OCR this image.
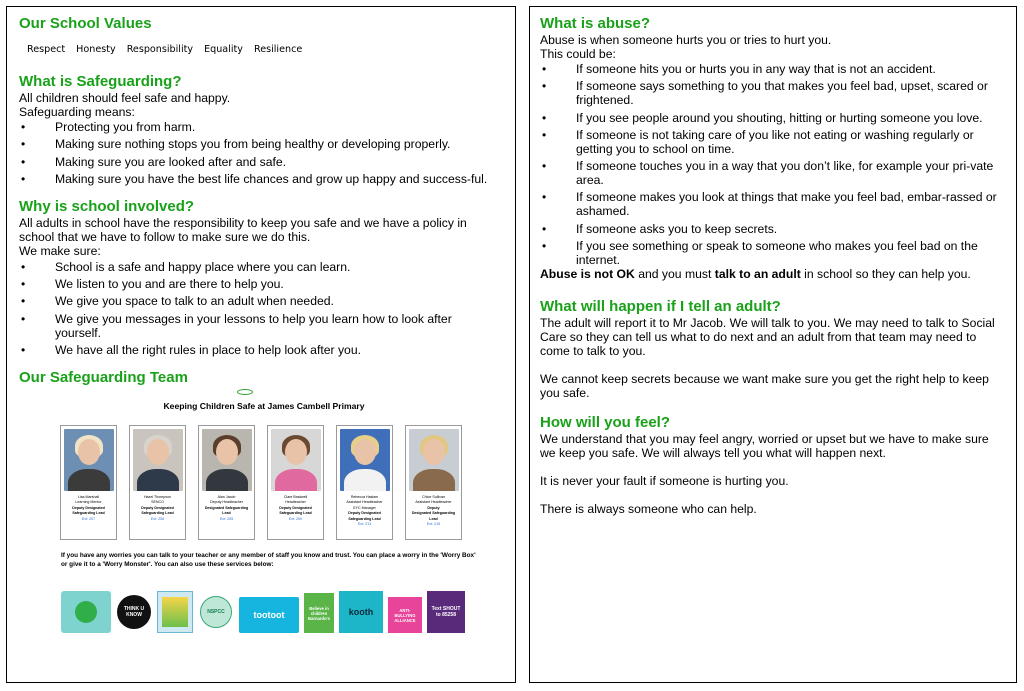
Our School Values
Respect Honesty Responsibility Equality Resilience
What is Safeguarding?

All children should feel safe and happy.

Safeguarding means:

• Protecting you from harm.
• Making sure nothing stops you from being healthy or developing properly.
• Making sure you are looked after and safe.
• Making sure you have the best life chances and grow up happy and success-ful.
Why is school involved?

All adults in school have the responsibility to keep you safe and we have a policy in school that we have to follow to make sure we do this.

We make sure:

• School is a safe and happy place where you can learn.
• We listen to you and are there to help you.
• We give you space to talk to an adult when needed.
• We give you messages in your lessons to help you learn how to look after yourself.
• We have all the right rules in place to help look after you.
Our Safeguarding Team
Keeping Children Safe at James Cambell Primary
Lisa Marshall
Learning Mentor
Deputy Designated
Safeguarding Lead
Ext: 207
Hazel Thompson
SENCO
Deputy Designated
Safeguarding Lead
Ext: 206
Alan Jacob
Deputy Headteacher
Designated Safeguarding Lead
Ext: 205
Clare Bradwell
Headteacher
Deputy Designated
Safeguarding Lead
Ext: 200
Rebecca Haslam
Assistant Headteacher
EYC Manager
Deputy Designated Safeguarding Lead
Ext: 213
Chloe Sullivan
Assistant Headteacher
Deputy
Designated Safeguarding Lead
Ext: 215
If you have any worries you can talk to your teacher or any member of staff you know and trust. You can place a worry in the 'Worry Box' or give it to a 'Worry Monster'. You can also use these services below:
THINK U KNOW	NSPCC	tootoot
Believe in children Barnardo's
kooth	ANTI-BULLYING ALLIANCE
Text SHOUT to 85258
What is abuse?

Abuse is when someone hurts you or tries to hurt you.

This could be:

• If someone hits you or hurts you in any way that is not an accident.
• If someone says something to you that makes you feel bad, upset, scared or frightened.
• If you see people around you shouting, hitting or hurting someone you love.
• If someone is not taking care of you like not eating or washing regularly or getting you to school on time.
• If someone touches you in a way that you don’t like, for example your pri-vate area.
• If someone makes you look at things that make you feel bad, embar-rassed or ashamed.
• If someone asks you to keep secrets.
• If you see something or speak to someone who makes you feel bad on the internet.

Abuse is not OK and you must talk to an adult in school so they can help you.

What will happen if I tell an adult?

The adult will report it to Mr Jacob. We will talk to you. We may need to talk to Social Care so they can tell us what to do next and an adult from that team may need to come to talk to you.

We cannot keep secrets because we want make sure you get the right help to keep you safe.

How will you feel?

We understand that you may feel angry, worried or upset but we have to make sure we keep you safe. We will always tell you what will happen next.

It is never your fault if someone is hurting you.

There is always someone who can help.
